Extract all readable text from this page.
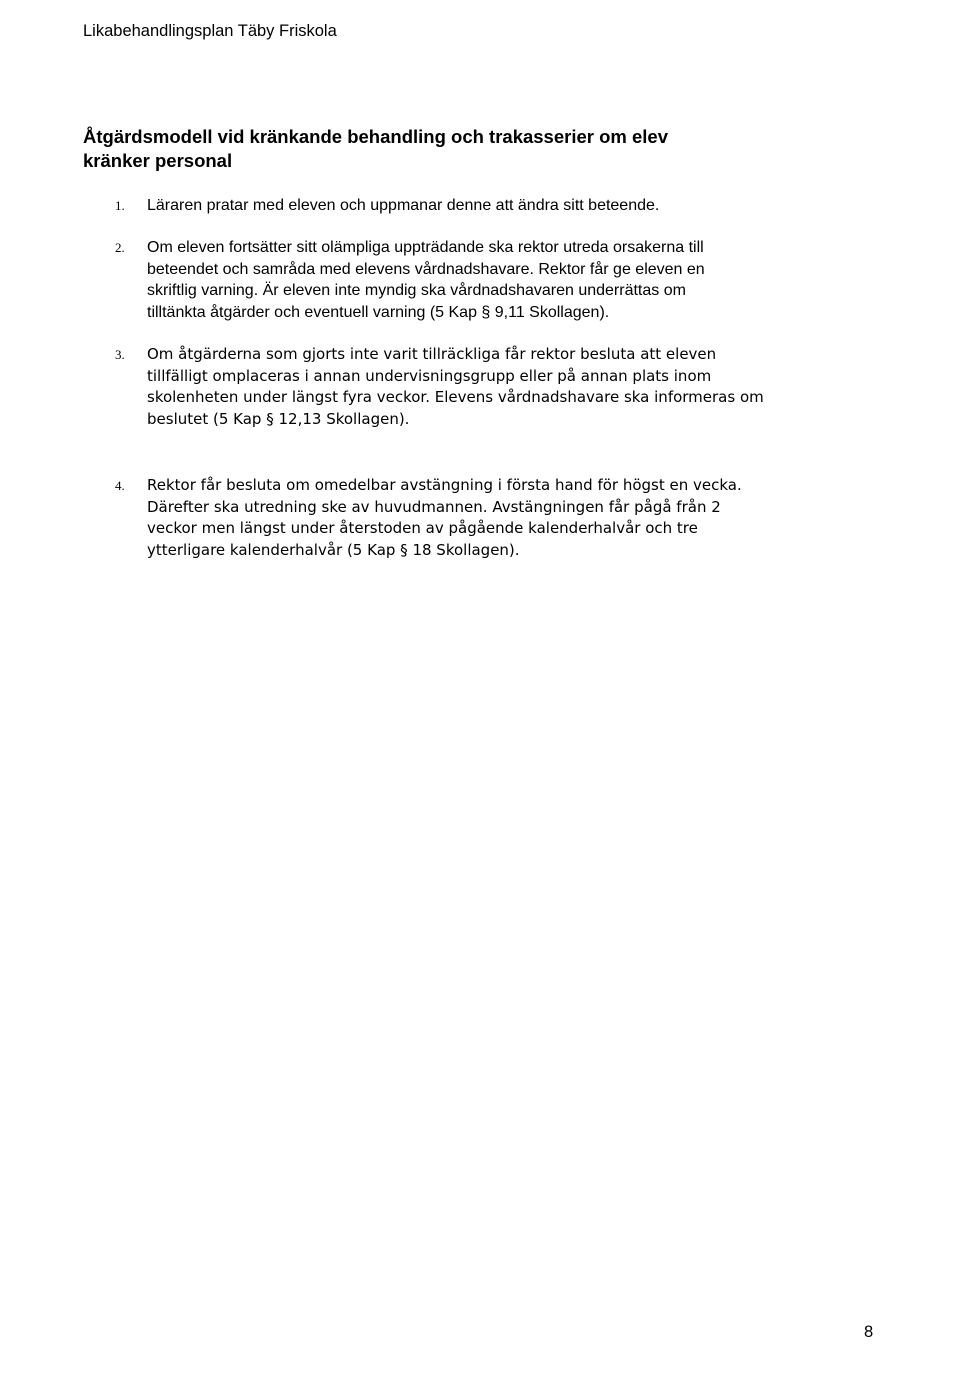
Likabehandlingsplan Täby Friskola
Åtgärdsmodell vid kränkande behandling och trakasserier om elev
kränker personal
1. Läraren pratar med eleven och uppmanar denne att ändra sitt beteende.
2. Om eleven fortsätter sitt olämpliga uppträdande ska rektor utreda orsakerna till
beteendet och samråda med elevens vårdnadshavare. Rektor får ge eleven en
skriftlig varning. Är eleven inte myndig ska vårdnadshavaren underrättas om
tilltänkta åtgärder och eventuell varning (5 Kap § 9,11 Skollagen).
3. Om åtgärderna som gjorts inte varit tillräckliga får rektor besluta att eleven
tillfälligt omplaceras i annan undervisningsgrupp eller på annan plats inom
skolenheten under längst fyra veckor. Elevens vårdnadshavare ska informeras om
beslutet (5 Kap § 12,13 Skollagen).
4. Rektor får besluta om omedelbar avstängning i första hand för högst en vecka.
Därefter ska utredning ske av huvudmannen. Avstängningen får pågå från 2
veckor men längst under återstoden av pågående kalenderhalvår och tre
ytterligare kalenderhalvår (5 Kap § 18 Skollagen).
8
